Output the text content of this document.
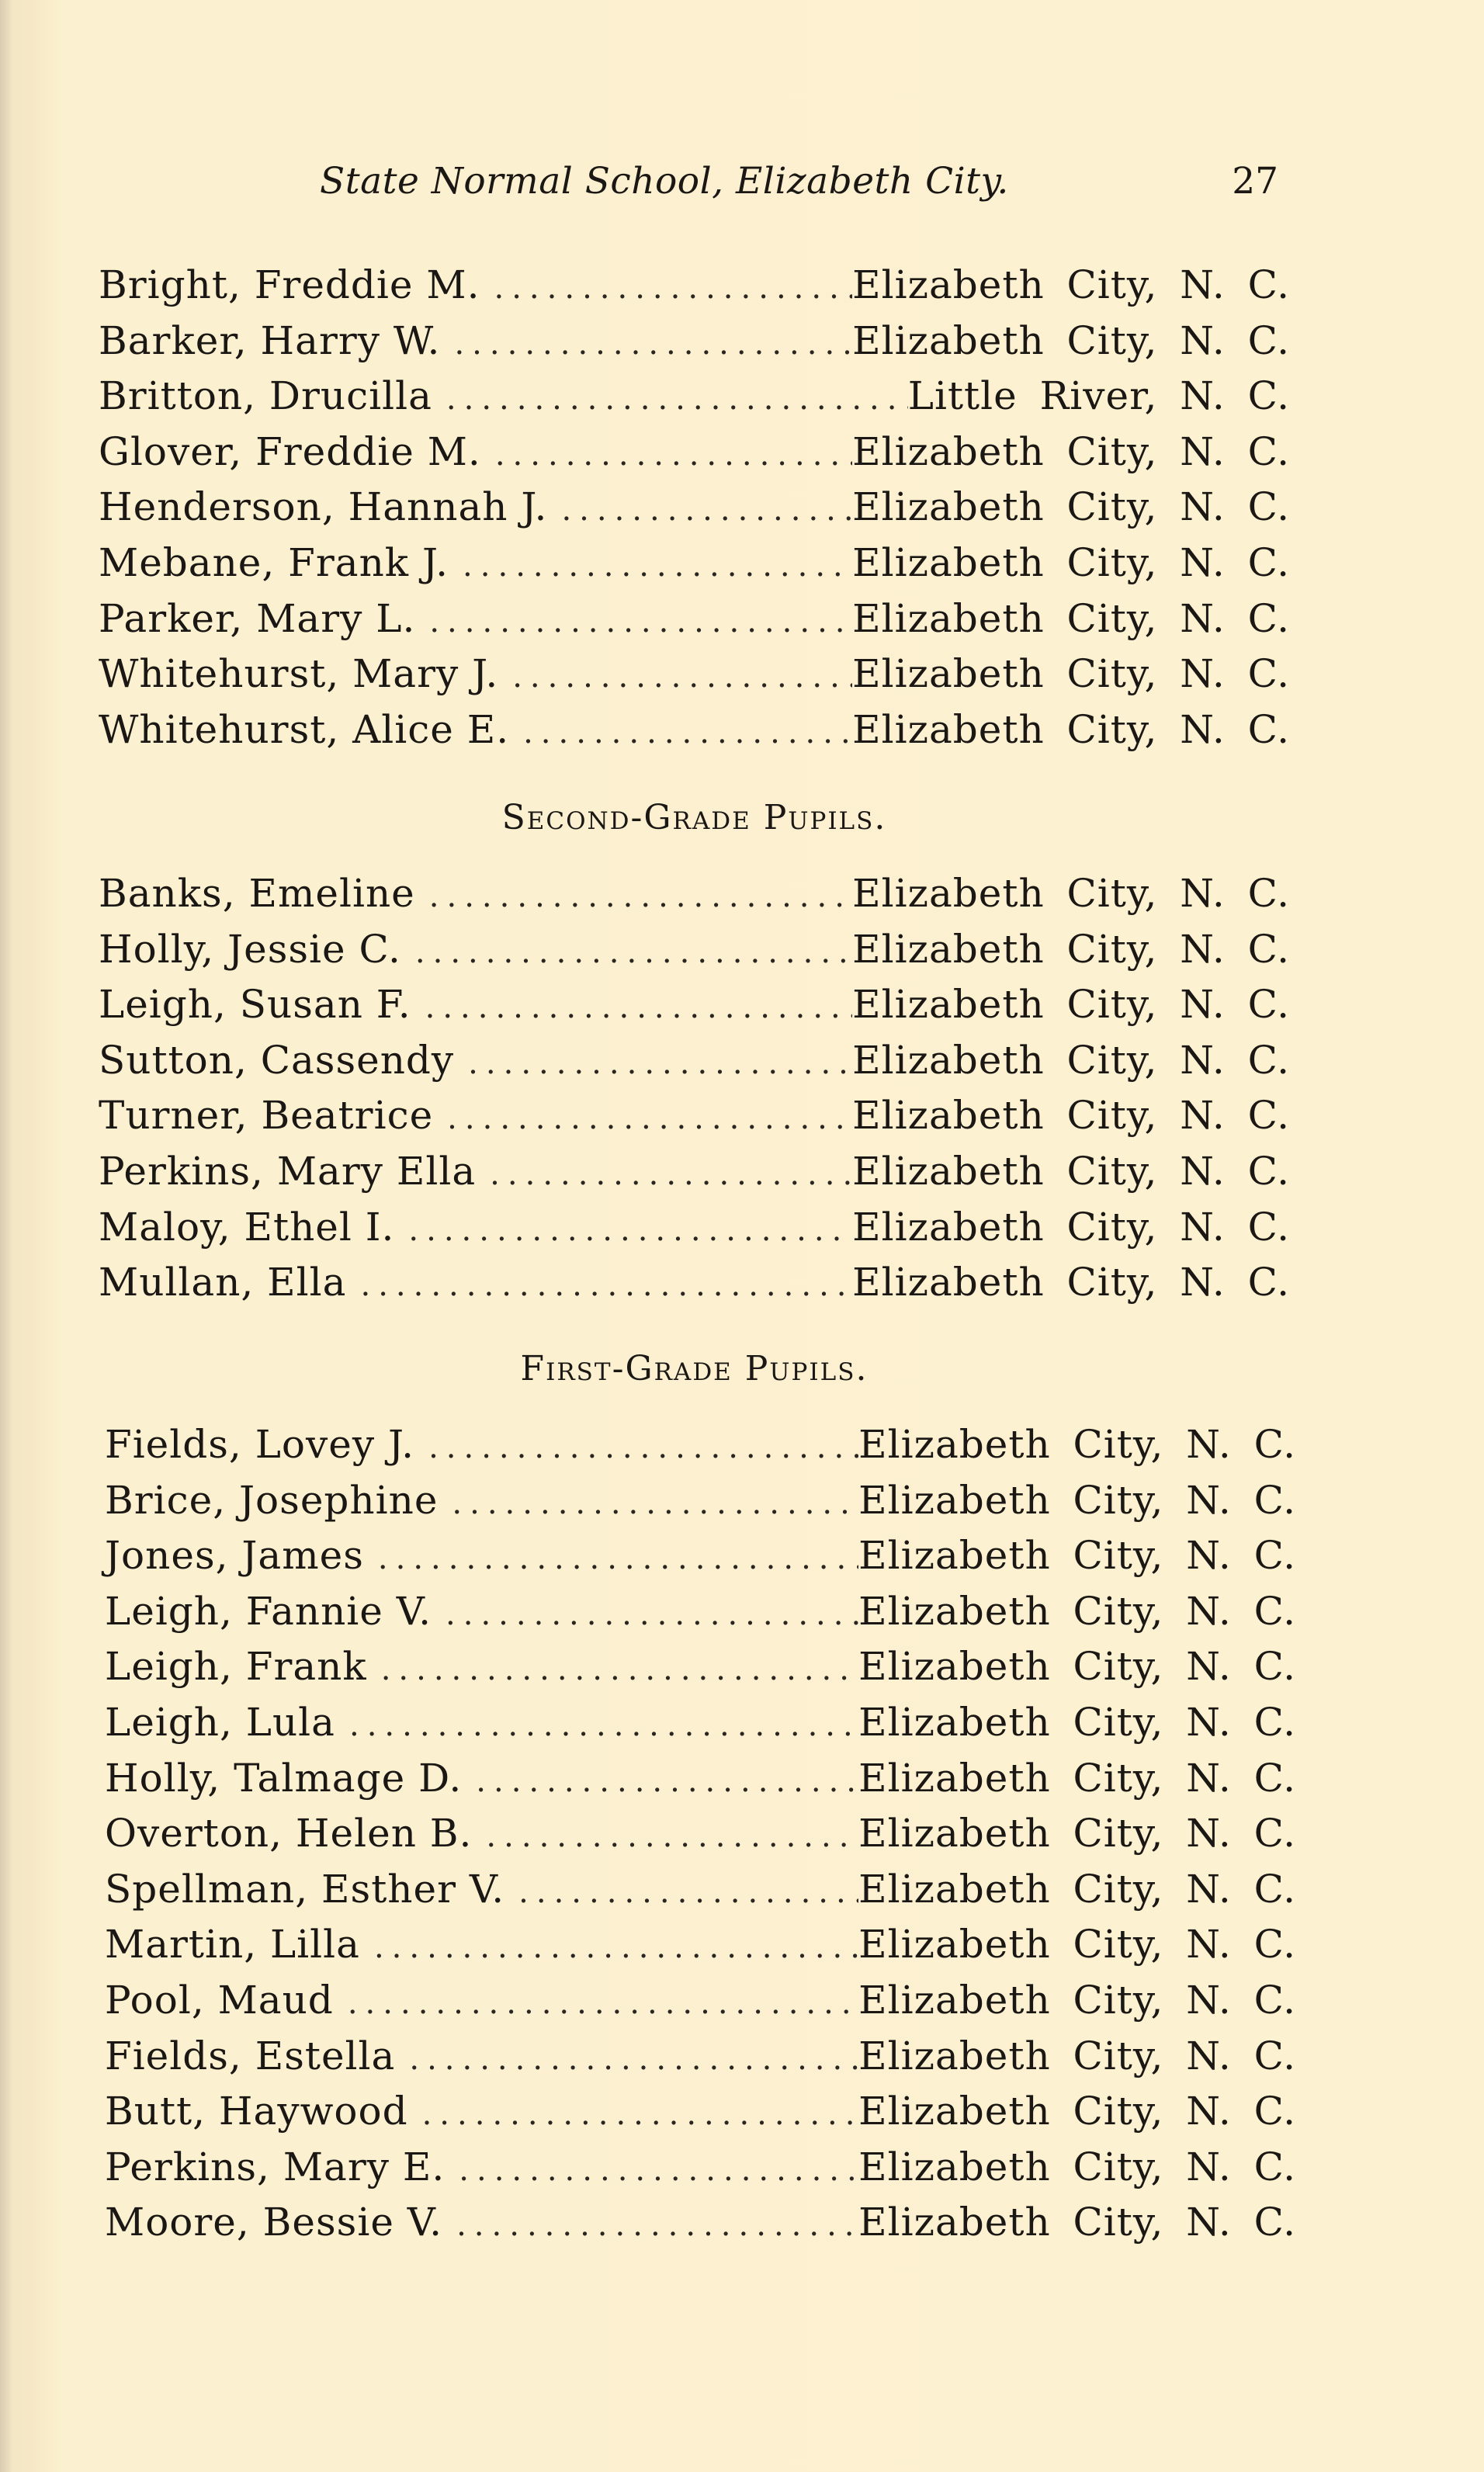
State Normal School, Elizabeth City.	27
Bright, Freddie M. .....	Elizabeth City, N. C.
Barker, Harry W. .....	Elizabeth City, N. C.
Britton, Drucilla .....	Little River, N. C.
Glover, Freddie M. .....	Elizabeth City, N. C.
Henderson, Hannah J. .....	Elizabeth City, N. C.
Mebane, Frank J. .....	Elizabeth City, N. C.
Parker, Mary L. .....	Elizabeth City, N. C.
Whitehurst, Mary J. .....	Elizabeth City, N. C.
Whitehurst, Alice E. .....	Elizabeth City, N. C.
Second-Grade Pupils.
Banks, Emeline .....	Elizabeth City, N. C.
Holly, Jessie C. .....	Elizabeth City, N. C.
Leigh, Susan F. .....	Elizabeth City, N. C.
Sutton, Cassendy .....	Elizabeth City, N. C.
Turner, Beatrice .....	Elizabeth City, N. C.
Perkins, Mary Ella .....	Elizabeth City, N. C.
Maloy, Ethel I. .....	Elizabeth City, N. C.
Mullan, Ella .....	Elizabeth City, N. C.
First-Grade Pupils.
Fields, Lovey J. .....	Elizabeth City, N. C.
Brice, Josephine .....	Elizabeth City, N. C.
Jones, James .....	Elizabeth City, N. C.
Leigh, Fannie V. .....	Elizabeth City, N. C.
Leigh, Frank .....	Elizabeth City, N. C.
Leigh, Lula .....	Elizabeth City, N. C.
Holly, Talmage D. .....	Elizabeth City, N. C.
Overton, Helen B. .....	Elizabeth City, N. C.
Spellman, Esther V. .....	Elizabeth City, N. C.
Martin, Lilla .....	Elizabeth City, N. C.
Pool, Maud .....	Elizabeth City, N. C.
Fields, Estella .....	Elizabeth City, N. C.
Butt, Haywood .....	Elizabeth City, N. C.
Perkins, Mary E. .....	Elizabeth City, N. C.
Moore, Bessie V. .....	Elizabeth City, N. C.
